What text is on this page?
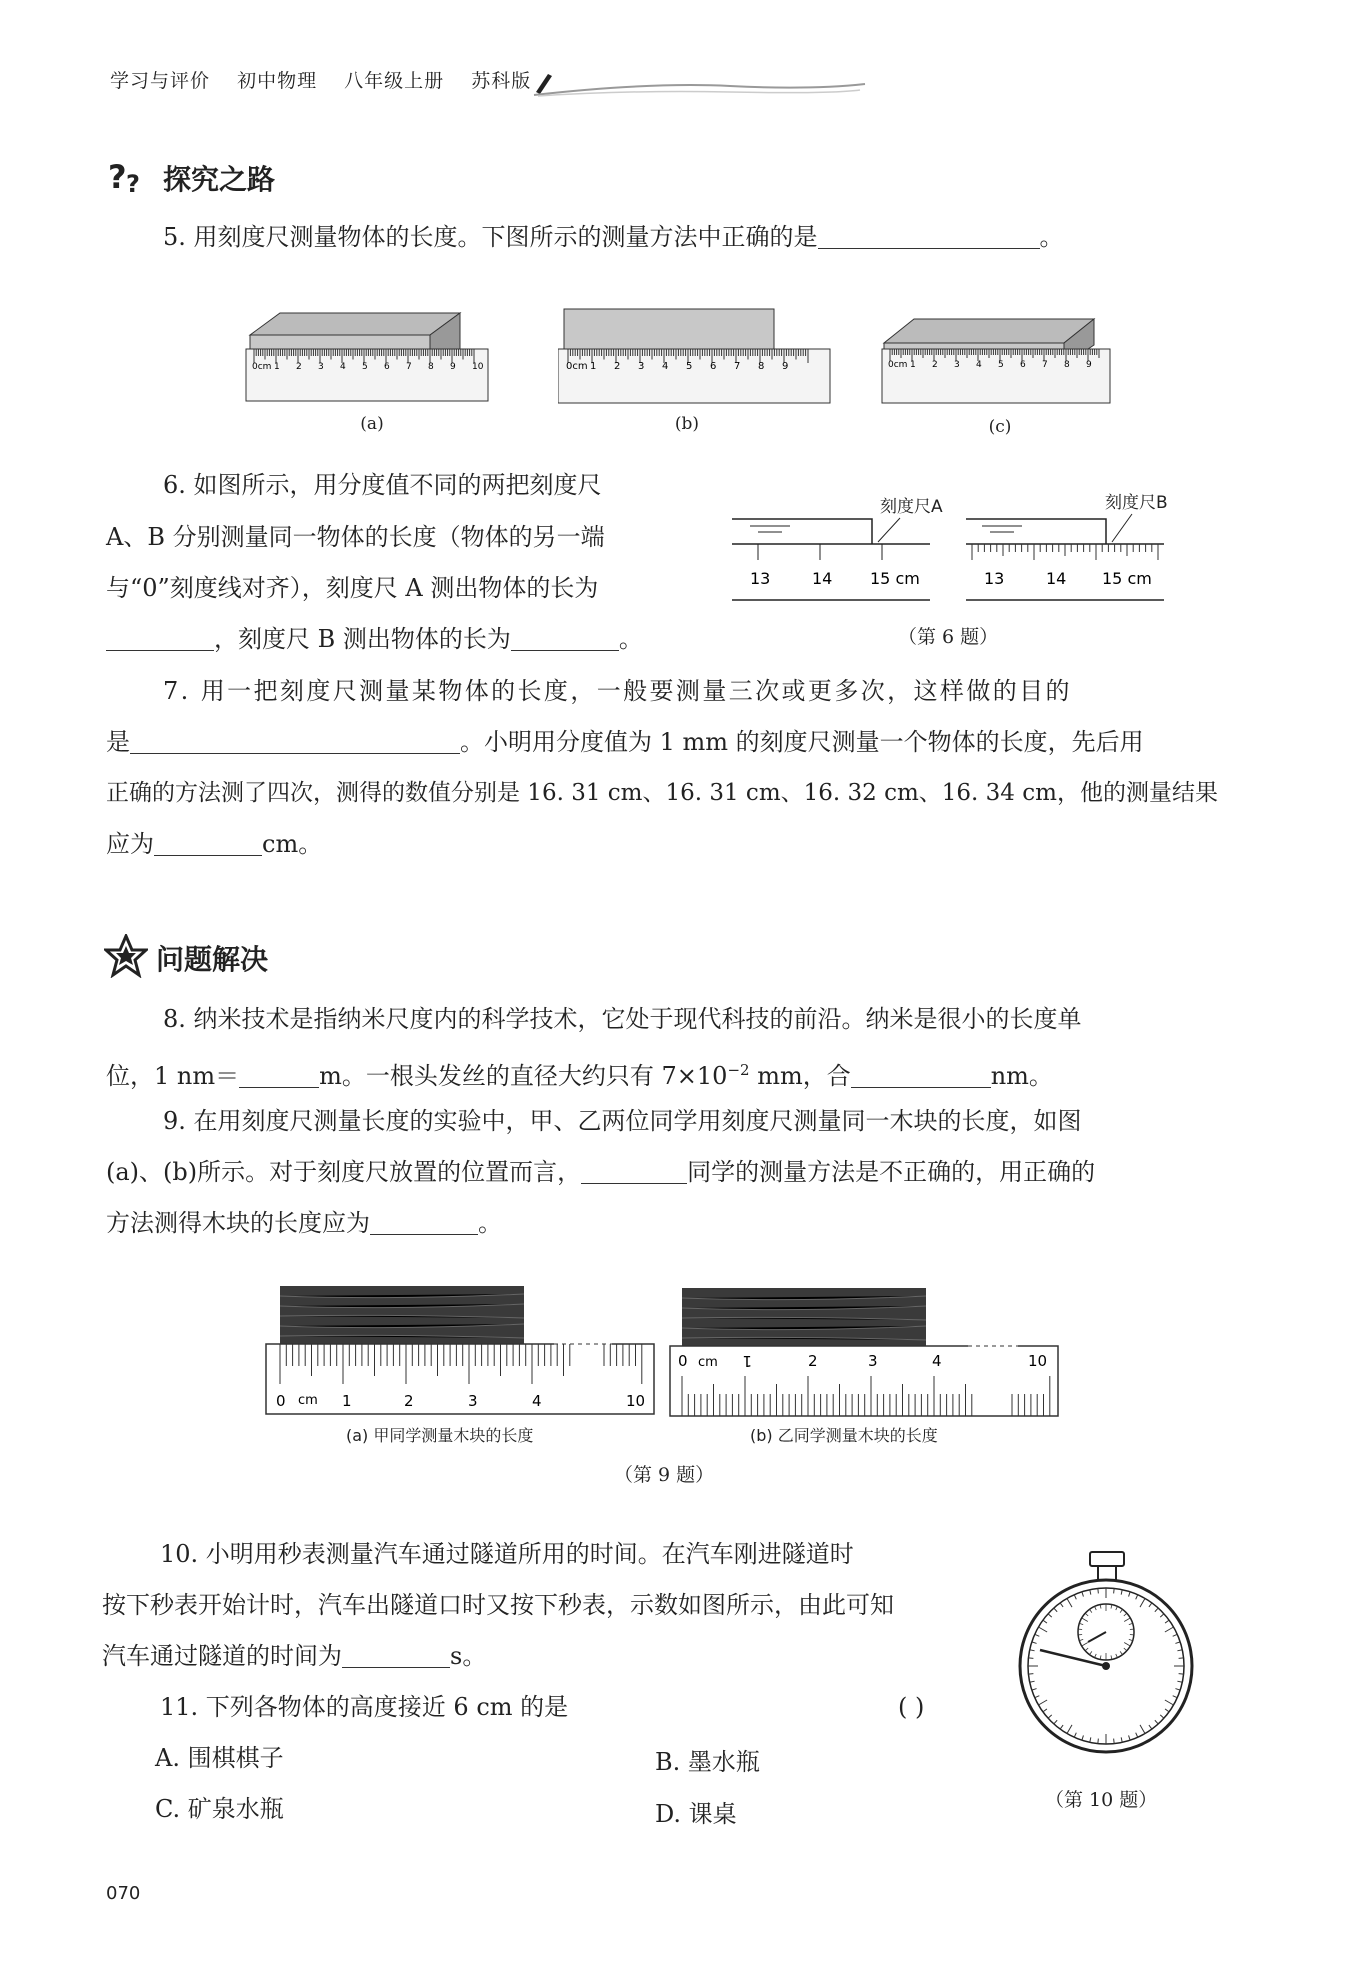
学习与评价 初中物理 八年级上册 苏科版
? ? 探究之路
5. 用刻度尺测量物体的长度。下图所示的测量方法中正确的是	。
0cm 1 2 3 4 5 6 7 8 9 10	0cm 1 2 3 4 5 6 7 8 9	0cm 1 2 3 4 5 6 7 8 9
(a)	(b)	(c)
6. 如图所示，用分度值不同的两把刻度尺
A、B 分别测量同一物体的长度（物体的另一端
与“0”刻度线对齐），刻度尺 A 测出物体的长为
，刻度尺 B 测出物体的长为	。
刻度尺A	刻度尺B
13	14 15 cm	13	14 15 cm
（第 6 题）
7. 用一把刻度尺测量某物体的长度，一般要测量三次或更多次，这样做的目的
是	。小明用分度值为 1 mm 的刻度尺测量一个物体的长度，先后用
正确的方法测了四次，测得的数值分别是 16. 31 cm、16. 31 cm、16. 32 cm、16. 34 cm，他的测量结果
应为	cm。
问题解决
8. 纳米技术是指纳米尺度内的科学技术，它处于现代科技的前沿。纳米是很小的长度单
位，1 nm＝	m。一根头发丝的直径大约只有 $7\times 10^{-2}$ mm，合	nm。
9. 在用刻度尺测量长度的实验中，甲、乙两位同学用刻度尺测量同一木块的长度，如图
(a)、(b)所示。对于刻度尺放置的位置而言，	同学的测量方法是不正确的，用正确的
方法测得木块的长度应为	。
0 cm 1	2	3	4	10
(a) 甲同学测量木块的长度
0 cm 1	2	3	4	10
(b) 乙同学测量木块的长度
（第 9 题）
10. 小明用秒表测量汽车通过隧道所用的时间。在汽车刚进隧道时
按下秒表开始计时，汽车出隧道口时又按下秒表，示数如图所示，由此可知
汽车通过隧道的时间为	s。
（第 10 题）
11. 下列各物体的高度接近 6 cm 的是	( )
A. 围棋棋子	B. 墨水瓶
C. 矿泉水瓶	D. 课桌
070
